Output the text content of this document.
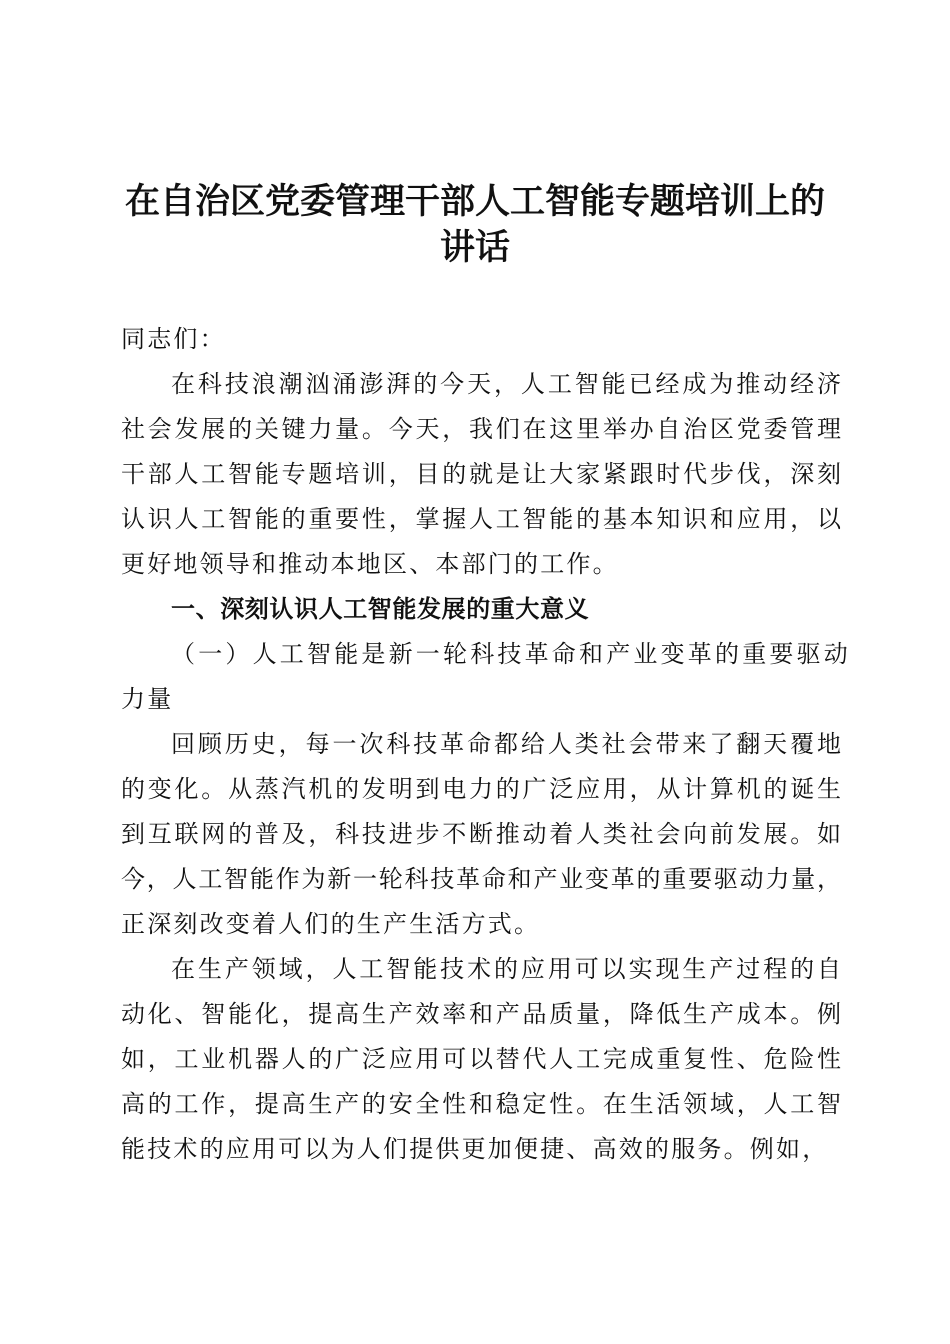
在自治区党委管理干部人工智能专题培训上的
讲话

同志们：

在科技浪潮汹涌澎湃的今天，人工智能已经成为推动经济

社会发展的关键力量。今天，我们在这里举办自治区党委管理

干部人工智能专题培训，目的就是让大家紧跟时代步伐，深刻

认识人工智能的重要性，掌握人工智能的基本知识和应用，以

更好地领导和推动本地区、本部门的工作。

一、深刻认识人工智能发展的重大意义

（一）人工智能是新一轮科技革命和产业变革的重要驱动

力量

回顾历史，每一次科技革命都给人类社会带来了翻天覆地

的变化。从蒸汽机的发明到电力的广泛应用，从计算机的诞生

到互联网的普及，科技进步不断推动着人类社会向前发展。如

今，人工智能作为新一轮科技革命和产业变革的重要驱动力量，

正深刻改变着人们的生产生活方式。

在生产领域，人工智能技术的应用可以实现生产过程的自

动化、智能化，提高生产效率和产品质量，降低生产成本。例

如，工业机器人的广泛应用可以替代人工完成重复性、危险性

高的工作，提高生产的安全性和稳定性。在生活领域，人工智

能技术的应用可以为人们提供更加便捷、高效的服务。例如，
